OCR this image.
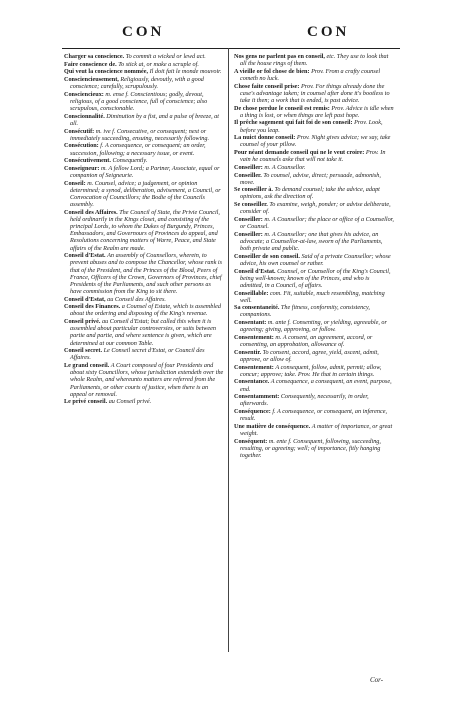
CON	CON
Charger sa conscience. To commit a wicked or lewd act.
Faire conscience de. To stick at, or make a scruple of.
Qui veut la conscience nommée, Il doit fait le monde mouvoir.
Consciencieusement, Religiously, devoutly, with a good conscience; carefully, scrupulously.
Consciencieux: m. ense f. Conscientious; godly, devout, religious, of a good conscience, full of conscience; also scrupulous, conscionable.
Conscionnalité. Diminution by a fist, and a pulse of breeze, at all.
Consécutif: m. ive f. Consecutive, or consequent; next or immediately succeeding, ensuing, necessarily following.
Consécution: f. A consequence, or consequent; an order, succession, following; a necessary issue, or event.
Consécutivement. Consequently.
Conseigneur: m. A fellow Lord; a Partner, Associate, equal or companion of Seigneurie.
Conseil: m. Counsel, advice; a judgement, or opinion determined; a synod, deliberation, advisement, a Council, or Convocation of Councillors; the Bodie of the Councils assembly.
Conseil des Affaires. The Council of State, the Privie Council, held ordinarily in the Kings closet, and consisting of the principal Lords, to whom the Dukes of Burgundy, Princes, Embassadors, and Governours of Provinces do appeal, and Resolutions concerning matters of Warre, Peace, and State affairs of the Realm are made.
Conseil d'Estat. An assembly of Counsellors, wherein, to prevent abuses and to compose the Chancellor, whose rank is that of the President, and the Princes of the Blood, Peers of France, Officers of the Crown, Governors of Provinces, chief Presidents of the Parliaments, and such other persons as have commission from the King to sit there.
Conseil d'Estat, au Conseil des Affaires.
Conseil des Finances. a Counsel of Estate, which is assembled about the ordering and disposing of the King's revenue.
Conseil privé. au Conseil d'Estat; but called this when it is assembled about particular controversies, or suits between partie and partie, and where sentence is given, which are determined at our common Table.
Conseil secret. Le Conseil secret d'Estat, or Council des Affaires.
Le grand conseil. A Court composed of four Presidents and about sixty Councillors, whose jurisdiction extendeth over the whole Realm, and whereunto matters are referred from the Parliaments, or other courts of justice, when there is an appeal or removal.
Le privé conseil. au Conseil privé.
Nos gens ne parlent pas en conseil, etc. They use to look that all the house rings of them.
A vieille or fol chose de bien: Prov. From a crafty counsel cometh no luck.
Chose faite conseil prise: Prov. For things already done the case's advantage taken; in counsel after done it's bootless to take it then; a work that is ended, is past advice.
De chose perdue le conseil est remis: Prov. Advice is idle when a thing is lost, or when things are left past hope.
Il prêche sagement qui fait foi de son conseil: Prov. Look, before you leap.
La nuict donne conseil: Prov. Night gives advice; we say, take counsel of your pillow.
Pour néant demande conseil qui ne le veut croire: Prov. In vain he counsels aske that will not take it.
Conseiller: m. A Counsellor.
Conseiller. To counsel, advise, direct; persuade, admonish, move.
Se conseiller à. To demand counsel; take the advice, adapt opinions, ask the direction of.
Se conseiller. To examine, weigh, ponder; or advise deliberate, consider of.
Conseiller: m. A Counsellor; the place or office of a Counsellor, or Counsel.
Conseiller: m. A Counsellor; one that gives his advice, an advocate; a Counsellor-at-law, sworn of the Parliaments, both private and public.
Conseiller de son conseil. Said of a private Counsellor; whose advice, his own counsel or rather.
Conseil d'Estat. Counsel, or Counsellor of the King's Council, being well-known; known of the Princes, and who is admitted, in a Council, of affairs.
Conseillable: com. Fit, suitable, much resembling, matching well.
Sa consentaneité. The fitness, conformity, consistency, companions.
Consentant: m. ante f. Consenting, or yielding, agreeable, or agreeing; giving, approving, or follow.
Consentement: m. A consent, an agreement, accord, or consenting, an approbation, allowance of.
Consentir. To consent, accord, agree, yield, ascent, admit, approve, or allow of.
Consentement: A consequent, follow, admit, permit; allow, concur; approve; take. Prov. He that in certain things.
Consentance. A consequence, a consequent, an event, purpose, end.
Consentamment: Consequently, necessarily, in order, afterwards.
Conséquence: f. A consequence, or consequent, an inference, result.
Une matière de conséquence. A matter of importance, or great weight.
Conséquent: m. ente f. Consequent, following, succeeding, resulting, or agreeing; well; of importance, fitly hanging together.
Cor-
